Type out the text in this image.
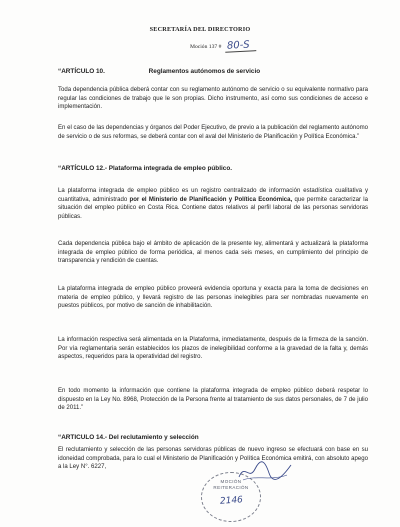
SECRETARÍA DEL DIRECTORIO
Moción 137 # 80-S
“ARTÍCULO 10.	Reglamentos autónomos de servicio
Toda dependencia pública deberá contar con su reglamento autónomo de servicio o su equivalente normativo para regular las condiciones de trabajo que le son propias. Dicho instrumento, así como sus condiciones de acceso e implementación.
En el caso de las dependencias y órganos del Poder Ejecutivo, de previo a la publicación del reglamento autónomo de servicio o de sus reformas, se deberá contar con el aval del Ministerio de Planificación y Política Económica.”
“ARTÍCULO 12.- Plataforma integrada de empleo público.
La plataforma integrada de empleo público es un registro centralizado de información estadística cualitativa y cuantitativa, administrado por el Ministerio de Planificación y Política Económica, que permite caracterizar la situación del empleo público en Costa Rica. Contiene datos relativos al perfil laboral de las personas servidoras públicas.
Cada dependencia pública bajo el ámbito de aplicación de la presente ley, alimentará y actualizará la plataforma integrada de empleo público de forma periódica, al menos cada seis meses, en cumplimiento del principio de transparencia y rendición de cuentas.
La plataforma integrada de empleo público proveerá evidencia oportuna y exacta para la toma de decisiones en materia de empleo público, y llevará registro de las personas inelegibles para ser nombradas nuevamente en puestos públicos, por motivo de sanción de inhabilitación.
La información respectiva será alimentada en la Plataforma, inmediatamente, después de la firmeza de la sanción. Por vía reglamentaria serán establecidos los plazos de inelegibilidad conforme a la gravedad de la falta y, demás aspectos, requeridos para la operatividad del registro.
En todo momento la información que contiene la plataforma integrada de empleo público deberá respetar lo dispuesto en la Ley No. 8968, Protección de la Persona frente al tratamiento de sus datos personales, de 7 de julio de 2011.”
“ARTICULO 14.- Del reclutamiento y selección
El reclutamiento y selección de las personas servidoras públicas de nuevo ingreso se efectuará con base en su idoneidad comprobada, para lo cual el Ministerio de Planificación y Política Económica emitirá, con absoluto apego a la Ley N°. 6227,
MOCIÓN
REITERACIÓN
2146
